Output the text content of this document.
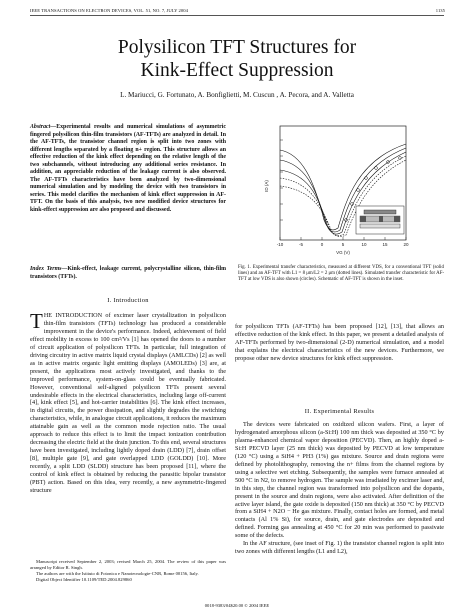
IEEE TRANSACTIONS ON ELECTRON DEVICES, VOL. 51, NO. 7, JULY 2004	1135
Polysilicon TFT Structures for
Kink-Effect Suppression
L. Mariucci, G. Fortunato, A. Bonfiglietti, M. Cuscun , A. Pecora, and A. Valletta
Abstract—Experimental results and numerical simulations of asymmetric fingered polysilicon thin-film transistors (AF-TFTs) are analyzed in detail. In the AF-TFTs, the transistor channel region is split into two zones with different lengths separated by a floating n+ region. This structure allows an effective reduction of the kink effect depending on the relative length of the two subchannels, without introducing any additional series resistance. In addition, an appreciable reduction of the leakage current is also observed. The AF-TFTs characteristics have been analyzed by two-dimensional numerical simulation and by modeling the device with two transistors in series. This model clarifies the mechanism of kink effect suppression in AF-TFT. On the basis of this analysis, two new modified device structures for kink-effect suppression are also proposed and discussed.
Index Terms—Kink-effect, leakage current, polycrystalline silicon, thin-film transistors (TFTs).
I. Introduction
T HE INTRODUCTION of excimer laser crystallization in polysilicon thin-film transistors (TFTs) technology has produced a considerable improvement in the device's performance. Indeed, achievement of field effect mobility in excess to 100 cm²/Vs [1] has opened the doors to a number of circuit application of polysilicon TFTs. In particular, full integration of driving circuitry in active matrix liquid crystal displays (AMLCDs) [2] as well as in active matrix organic light emitting displays (AMOLEDs) [3] are, at present, the applications most actively investigated, and thanks to the improved performance, system-on-glass could be eventually fabricated. However, conventional self-aligned polysilicon TFTs present several undesirable effects in the electrical characteristics, including large off-current [4], kink effect [5], and hot-carrier instabilities [6]. The kink effect increases, in digital circuits, the power dissipation, and slightly degrades the switching characteristics, while, in analogue circuit applications, it reduces the maximum attainable gain as well as the common mode rejection ratio. The usual approach to reduce this effect is to limit the impact ionization contribution decreasing the electric field at the drain junction. To this end, several structures have been investigated, including lightly doped drain (LDD) [7], drain offset [8], multiple gate [9], and gate overlapped LDD (GOLDD) [10]. More recently, a split LDD (SLDD) structure has been proposed [11], where the control of kink effect is obtained by reducing the parasitic bipolar transistor (PBT) action. Based on this idea, very recently, a new asymmetric-fingered structure

Manuscript received September 2, 2003; revised March 25, 2004. The review of this paper was arranged by Editor R. Singh.

The authors are with the Istituto di Fotonica e Nanotecnologie-CNR, Rome 00156, Italy.

Digital Object Identifier 10.1109/TED.2004.829860

-10	-5	0	5	10	15	20
VG (V)
ID (A)
Fig. 1. Experimental transfer characteristics, measured at different VDS, for a conventional TFT (solid lines) and an AF-TFT with L1 = 8 μm/L2 = 2 μm (dotted lines). Simulated transfer characteristic for AF-TFT at low VDS is also shown (circles). Schematic of AF-TFT is shown in the inset.

for polysilicon TFTs (AF-TFTs) has been proposed [12], [13], that allows an effective reduction of the kink effect. In this paper, we present a detailed analysis of AF-TFTs performed by two-dimensional (2-D) numerical simulation, and a model that explains the electrical characteristics of the new devices. Furthermore, we propose other new device structures for kink effect suppression.

II. Experimental Results

The devices were fabricated on oxidized silicon wafers. First, a layer of hydrogenated amorphous silicon (a-Si:H) 100 nm thick was deposited at 350 °C by plasma-enhanced chemical vapor deposition (PECVD). Then, an highly doped a-Si:H PECVD layer (25 nm thick) was deposited by PECVD at low temperature (120 °C) using a SiH4 + PH3 (1%) gas mixture. Source and drain regions were defined by photolithography, removing the n+ films from the channel regions by using a selective wet etching. Subsequently, the samples were furnace annealed at 500 °C in N2, to remove hydrogen. The sample was irradiated by excimer laser and, in this step, the channel region was transformed into polysilicon and the dopants, present in the source and drain regions, were also activated. After definition of the active layer island, the gate oxide is deposited (150 nm thick) at 350 °C by PECVD from a SiH4 + N2O − He gas mixture. Finally, contact holes are formed, and metal contacts (Al 1% Si), for source, drain, and gate electrodes are deposited and defined. Forming gas annealing at 450 °C for 20 min was performed to passivate some of the defects.

In the AF structure, (see inset of Fig. 1) the transistor channel region is split into two zones with different lengths (L1 and L2),

0018-9383/04$20.00 © 2004 IEEE
